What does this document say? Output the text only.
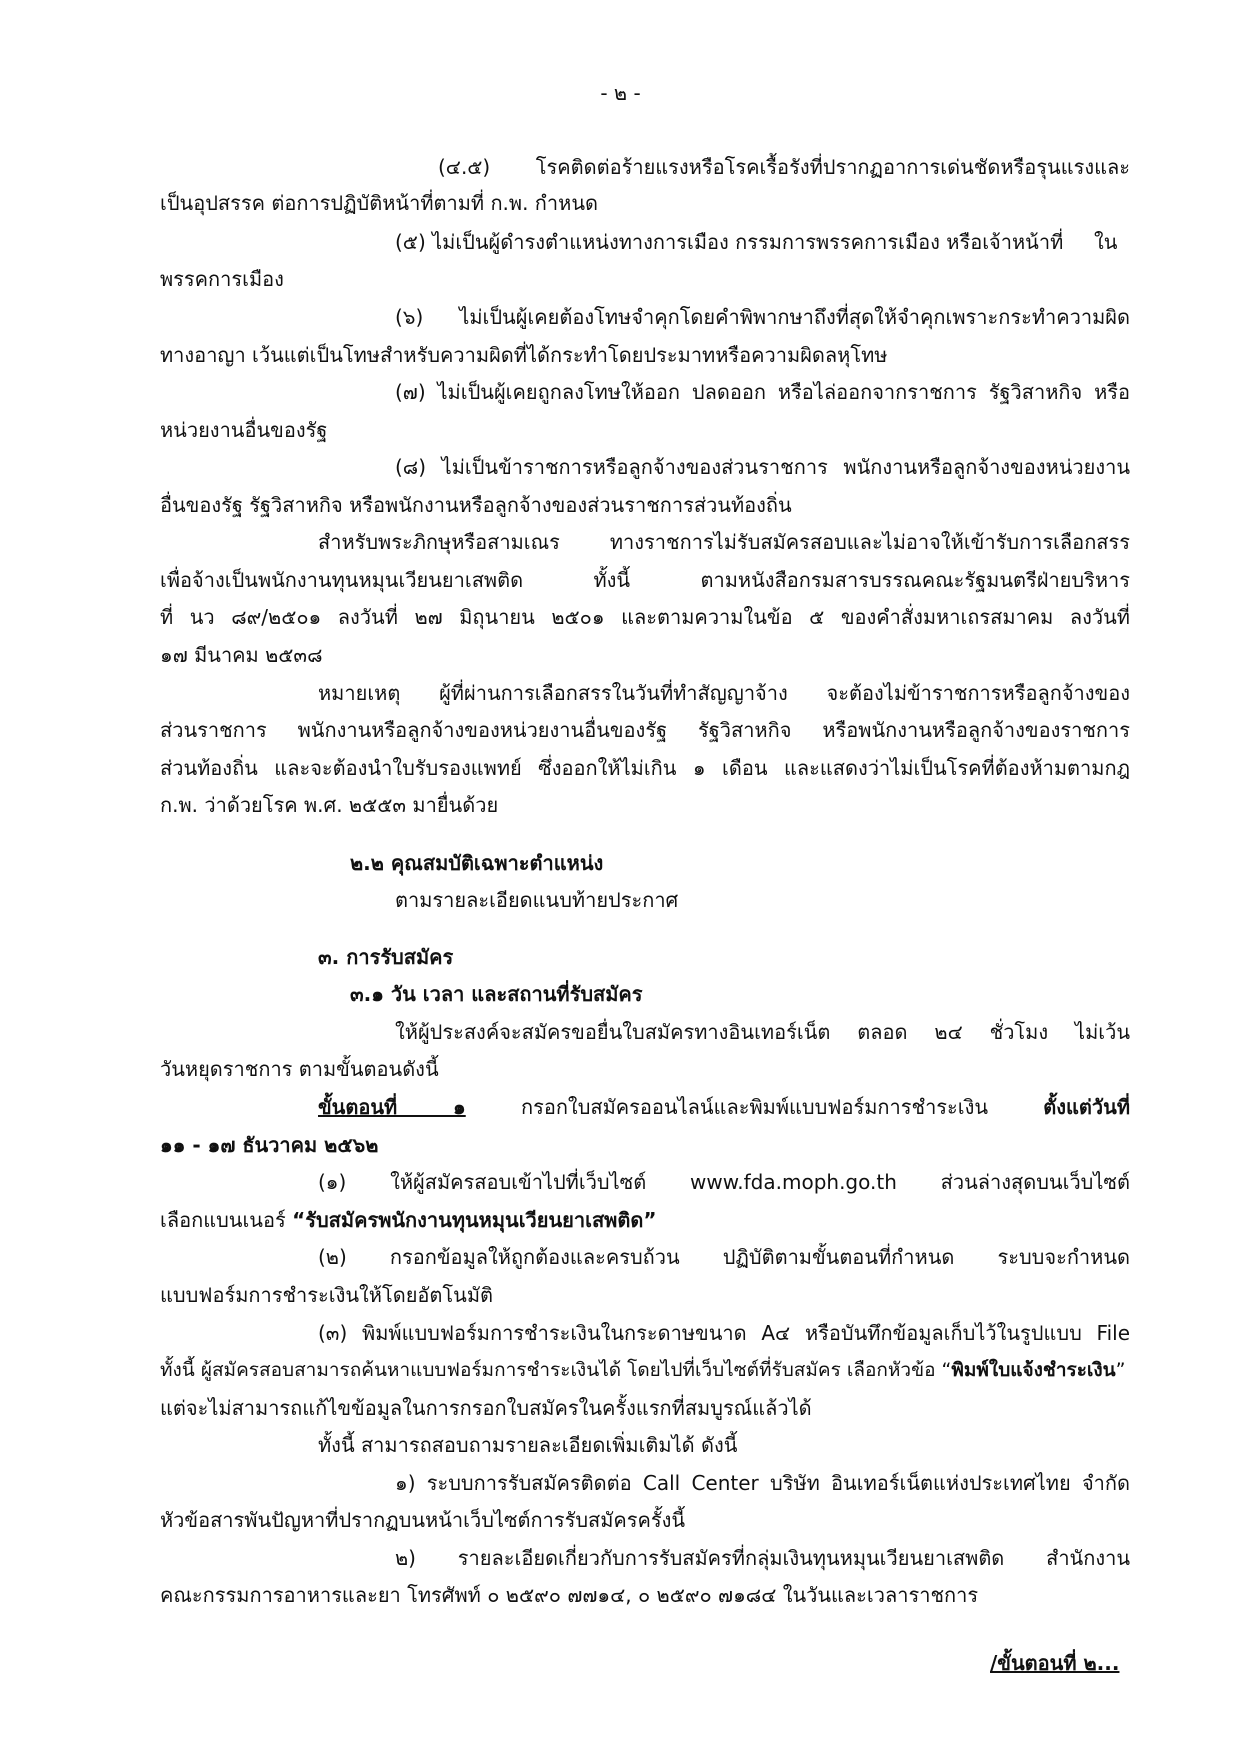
- ๒ -
(๔.๕) โรคติดต่อร้ายแรงหรือโรคเรื้อรังที่ปรากฏอาการเด่นชัดหรือรุนแรงและ
เป็นอุปสรรค ต่อการปฏิบัติหน้าที่ตามที่ ก.พ. กำหนด
(๕) ไม่เป็นผู้ดำรงตำแหน่งทางการเมือง กรรมการพรรคการเมือง หรือเจ้าหน้าที่ ใน
พรรคการเมือง
(๖) ไม่เป็นผู้เคยต้องโทษจำคุกโดยคำพิพากษาถึงที่สุดให้จำคุกเพราะกระทำความผิด
ทางอาญา เว้นแต่เป็นโทษสำหรับความผิดที่ได้กระทำโดยประมาทหรือความผิดลหุโทษ
(๗) ไม่เป็นผู้เคยถูกลงโทษให้ออก ปลดออก หรือไล่ออกจากราชการ รัฐวิสาหกิจ หรือ
หน่วยงานอื่นของรัฐ
(๘) ไม่เป็นข้าราชการหรือลูกจ้างของส่วนราชการ พนักงานหรือลูกจ้างของหน่วยงาน
อื่นของรัฐ รัฐวิสาหกิจ หรือพนักงานหรือลูกจ้างของส่วนราชการส่วนท้องถิ่น
สำหรับพระภิกษุหรือสามเณร ทางราชการไม่รับสมัครสอบและไม่อาจให้เข้ารับการเลือกสรร
เพื่อจ้างเป็นพนักงานทุนหมุนเวียนยาเสพติด ทั้งนี้ ตามหนังสือกรมสารบรรณคณะรัฐมนตรีฝ่ายบริหาร
ที่ นว ๘๙/๒๕๐๑ ลงวันที่ ๒๗ มิถุนายน ๒๕๐๑ และตามความในข้อ ๕ ของคำสั่งมหาเถรสมาคม ลงวันที่
๑๗ มีนาคม ๒๕๓๘
หมายเหตุ ผู้ที่ผ่านการเลือกสรรในวันที่ทำสัญญาจ้าง จะต้องไม่ข้าราชการหรือลูกจ้างของ
ส่วนราชการ พนักงานหรือลูกจ้างของหน่วยงานอื่นของรัฐ รัฐวิสาหกิจ หรือพนักงานหรือลูกจ้างของราชการ
ส่วนท้องถิ่น และจะต้องนำใบรับรองแพทย์ ซึ่งออกให้ไม่เกิน ๑ เดือน และแสดงว่าไม่เป็นโรคที่ต้องห้ามตามกฎ
ก.พ. ว่าด้วยโรค พ.ศ. ๒๕๕๓ มายื่นด้วย
๒.๒ คุณสมบัติเฉพาะตำแหน่ง
ตามรายละเอียดแนบท้ายประกาศ
๓. การรับสมัคร
๓.๑ วัน เวลา และสถานที่รับสมัคร
ให้ผู้ประสงค์จะสมัครขอยื่นใบสมัครทางอินเทอร์เน็ต ตลอด ๒๔ ชั่วโมง ไม่เว้น
วันหยุดราชการ ตามขั้นตอนดังนี้
ขั้นตอนที่ ๑ กรอกใบสมัครออนไลน์และพิมพ์แบบฟอร์มการชำระเงิน ตั้งแต่วันที่
๑๑ - ๑๗ ธันวาคม ๒๕๖๒
(๑) ให้ผู้สมัครสอบเข้าไปที่เว็บไซต์ www.fda.moph.go.th ส่วนล่างสุดบนเว็บไซต์
เลือกแบนเนอร์ “รับสมัครพนักงานทุนหมุนเวียนยาเสพติด”
(๒) กรอกข้อมูลให้ถูกต้องและครบถ้วน ปฏิบัติตามขั้นตอนที่กำหนด ระบบจะกำหนด
แบบฟอร์มการชำระเงินให้โดยอัตโนมัติ
(๓) พิมพ์แบบฟอร์มการชำระเงินในกระดาษขนาด A๔ หรือบันทึกข้อมูลเก็บไว้ในรูปแบบ File
ทั้งนี้ ผู้สมัครสอบสามารถค้นหาแบบฟอร์มการชำระเงินได้ โดยไปที่เว็บไซต์ที่รับสมัคร เลือกหัวข้อ “พิมพ์ใบแจ้งชำระเงิน”
แต่จะไม่สามารถแก้ไขข้อมูลในการกรอกใบสมัครในครั้งแรกที่สมบูรณ์แล้วได้
ทั้งนี้ สามารถสอบถามรายละเอียดเพิ่มเติมได้ ดังนี้
๑) ระบบการรับสมัครติดต่อ Call Center บริษัท อินเทอร์เน็ตแห่งประเทศไทย จำกัด
หัวข้อสารพันปัญหาที่ปรากฏบนหน้าเว็บไซต์การรับสมัครครั้งนี้
๒) รายละเอียดเกี่ยวกับการรับสมัครที่กลุ่มเงินทุนหมุนเวียนยาเสพติด สำนักงาน
คณะกรรมการอาหารและยา โทรศัพท์ ๐ ๒๕๙๐ ๗๗๑๔, ๐ ๒๕๙๐ ๗๑๘๔ ในวันและเวลาราชการ
/ขั้นตอนที่ ๒...
